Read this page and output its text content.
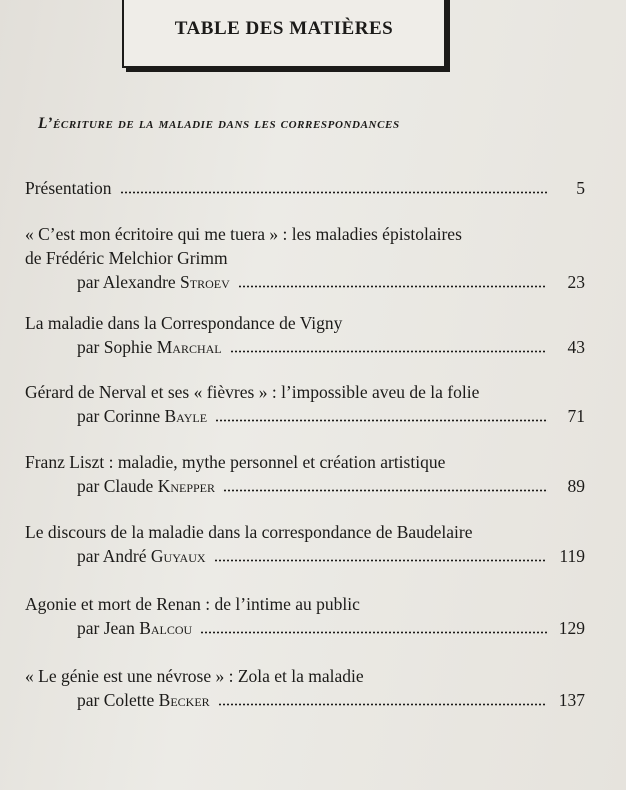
TABLE DES MATIÈRES
L’écriture de la maladie dans les correspondances
Présentation	5
« C’est mon écritoire qui me tuera » : les maladies épistolaires
de Frédéric Melchior Grimm
par Alexandre Stroev	23
La maladie dans la Correspondance de Vigny
par Sophie Marchal	43
Gérard de Nerval et ses « fièvres » : l’impossible aveu de la folie
par Corinne Bayle	71
Franz Liszt : maladie, mythe personnel et création artistique
par Claude Knepper	89
Le discours de la maladie dans la correspondance de Baudelaire
par André Guyaux	119
Agonie et mort de Renan : de l’intime au public
par Jean Balcou	129
« Le génie est une névrose » : Zola et la maladie
par Colette Becker	137
